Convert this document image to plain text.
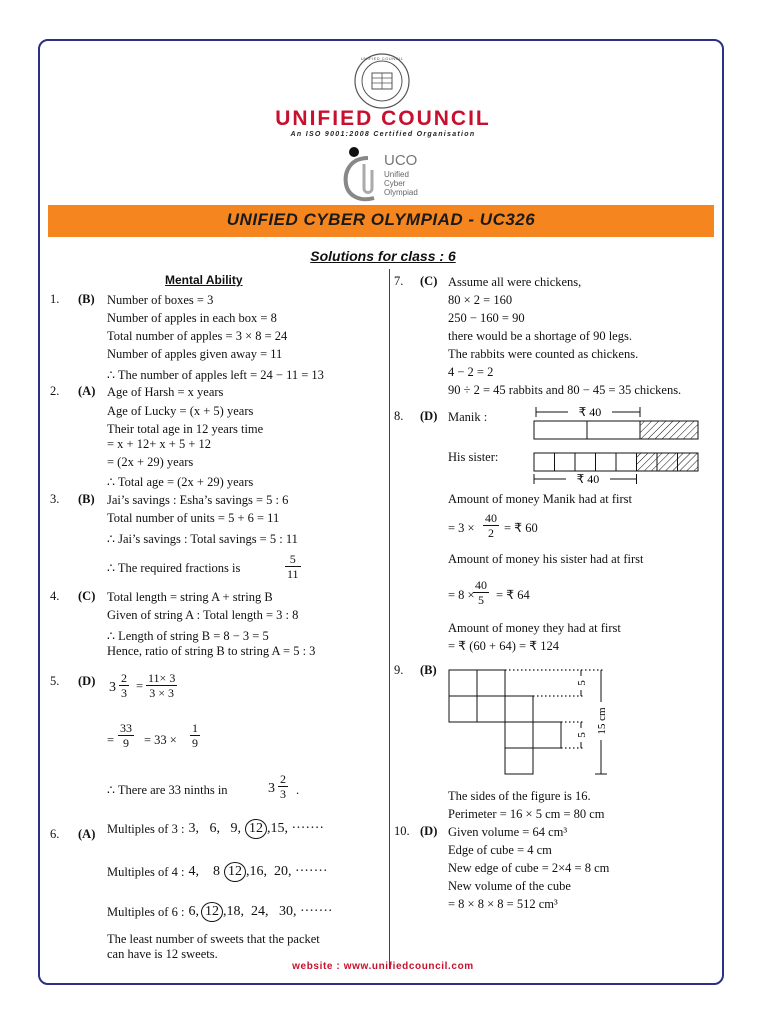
UNIFIED COUNCIL
UNIFIED COUNCIL
An ISO 9001:2008 Certified Organisation
UCO
Unified
Cyber
Olympiad
UNIFIED CYBER OLYMPIAD - UC326
Solutions for class : 6
Mental Ability
1. (B) Number of boxes = 3
Number of apples in each box = 8
Total number of apples = 3 × 8 = 24
Number of apples given away = 11
∴ The number of apples left = 24 − 11 = 13
2. (A) Age of Harsh = x years
Age of Lucky = (x + 5) years
Their total age in 12 years time
= x + 12+ x + 5 + 12
= (2x + 29) years
∴ Total age = (2x + 29) years
3. (B) Jai’s savings : Esha’s savings = 5 : 6
Total number of units = 5 + 6 = 11
∴ Jai’s savings : Total savings = 5 : 11
∴ The required fractions is	$\frac{5}{11}$
4. (C) Total length = string A + string B
Given of string A : Total length = 3 : 8
∴ Length of string B = 8 − 3 = 5
Hence, ratio of string B to string A = 5 : 3
5. (D) $3 \frac{2}{3} = \frac{11\times 3}{3 \times 3}$
= $\frac{33}{9} = 33 \times \frac{1}{9}$
∴ There are 33 ninths in	$3 \frac{2}{3}$ .
6. (A) Multiples of 3 : 3,   6,   9, 12 ,15, ·······
Multiples of 4 : 4,    8 12 ,16,  20, ·······
Multiples of 6 : 6, 12 ,18,  24,   30, ·······
The least number of sweets that the packet
can have is 12 sweets.
7. (C) Assume all were chickens,
80 × 2 = 160
250 − 160 = 90
there would be a shortage of 90 legs.
The rabbits were counted as chickens.
4 − 2 = 2
90 ÷ 2 = 45 rabbits and 80 − 45 = 35 chickens.
8. (D) Manik :
His sister:
₹ 40
₹ 40
Amount of money Manik had at first
= $3 \times \frac{40}{2}$ = ₹ 60
Amount of money his sister had at first
= 8 ×
$\frac{40}{5}$ = ₹ 64
Amount of money they had at first
= ₹ (60 + 64) = ₹ 124
9. (B)
5
5
15 cm
The sides of the figure is 16.
Perimeter = 16 × 5 cm = 80 cm
10. (D) Given volume = 64 cm³
Edge of cube = 4 cm
New edge of cube = 2×4 = 8 cm
New volume of the cube
= 8 × 8 × 8 = 512 cm³
website : www.unifiedcouncil.com
